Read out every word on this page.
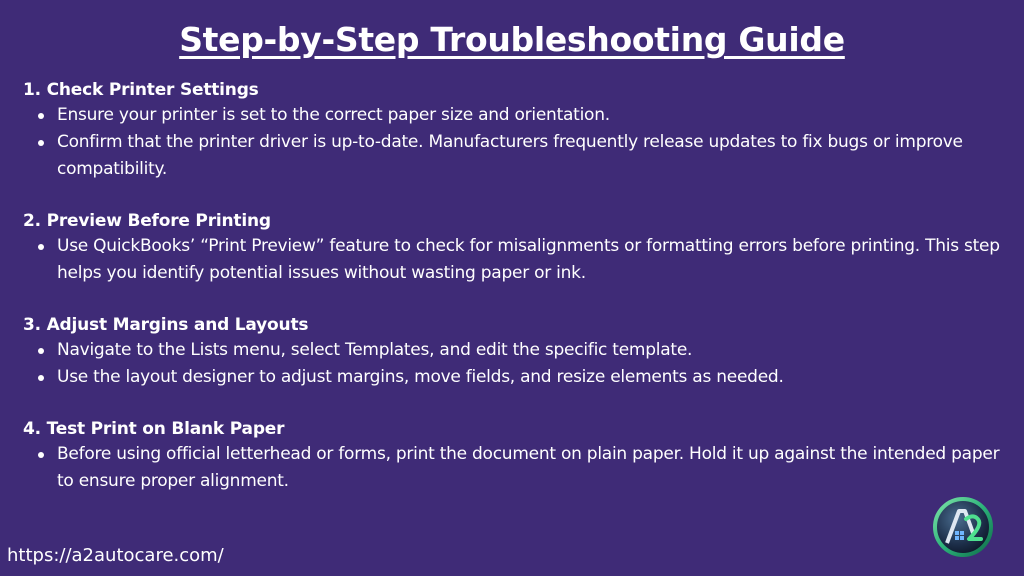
Step-by-Step Troubleshooting Guide
1. Check Printer Settings
Ensure your printer is set to the correct paper size and orientation.
Confirm that the printer driver is up-to-date. Manufacturers frequently release updates to fix bugs or improve compatibility.
2. Preview Before Printing
Use QuickBooks’ “Print Preview” feature to check for misalignments or formatting errors before printing. This step helps you identify potential issues without wasting paper or ink.
3. Adjust Margins and Layouts
Navigate to the Lists menu, select Templates, and edit the specific template.
Use the layout designer to adjust margins, move fields, and resize elements as needed.
4. Test Print on Blank Paper
Before using official letterhead or forms, print the document on plain paper. Hold it up against the intended paper to ensure proper alignment.
https://a2autocare.com/
